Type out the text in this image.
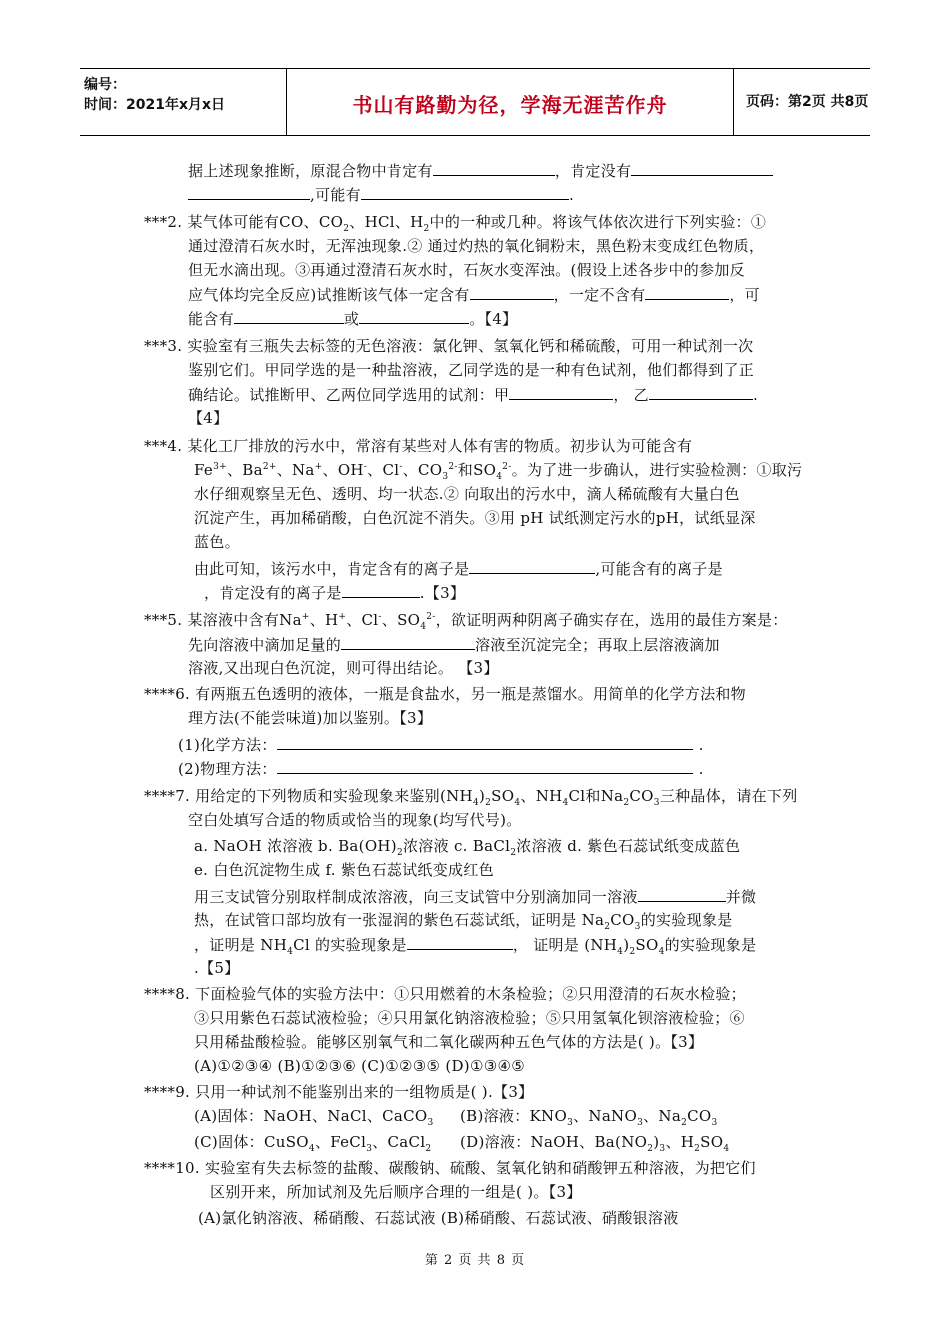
编号：
时间：2021年x月x日	书山有路勤为径，学海无涯苦作舟	页码：第2页 共8页
据上述现象推断，原混合物中肯定有	，肯定没有
,可能有	.
***2. 某气体可能有CO、$CO_2$、HCl、$H_2$中的一种或几种。将该气体依次进行下列实验：①
通过澄清石灰水时，无浑浊现象.② 通过灼热的氧化铜粉末，黑色粉末变成红色物质，
但无水滴出现。③再通过澄清石灰水时，石灰水变浑浊。(假设上述各步中的参加反
应气体均完全反应)试推断该气体一定含有	，一定不含有	，可
能含有	或	。【4】
***3. 实验室有三瓶失去标签的无色溶液：氯化钾、氢氧化钙和稀硫酸，可用一种试剂一次
鉴别它们。甲同学选的是一种盐溶液，乙同学选的是一种有色试剂，他们都得到了正
确结论。试推断甲、乙两位同学选用的试剂：甲	， 乙	.
【4】
***4. 某化工厂排放的污水中，常溶有某些对人体有害的物质。初步认为可能含有
$Fe^{3+}$、$Ba^{2+}$、Na+、OH-、Cl-、$CO_3^{2-}$和$SO_4^{2-}$。为了进一步确认，进行实验检测：①取污
水仔细观察呈无色、透明、均一状态.② 向取出的污水中，滴人稀硫酸有大量白色
沉淀产生，再加稀硝酸，白色沉淀不消失。③用 pH 试纸测定污水的pH，试纸显深
蓝色。
由此可知，该污水中，肯定含有的离子是	,可能含有的离子是
，肯定没有的离子是	.【3】
***5. 某溶液中含有Na+、H+、Cl-、$SO_4^{2-}$，欲证明两种阴离子确实存在，选用的最佳方案是：
先向溶液中滴加足量的	溶液至沉淀完全；再取上层溶液滴加
溶液,又出现白色沉淀，则可得出结论。 【3】
****6. 有两瓶五色透明的液体，一瓶是食盐水，另一瓶是蒸馏水。用简单的化学方法和物
理方法(不能尝味道)加以鉴别。【3】
(1)化学方法：	.
(2)物理方法：	.
****7. 用给定的下列物质和实验现象来鉴别$(NH_4)_2SO_4$、$NH_4Cl$和$Na_2CO_3$三种晶体，请在下列
空白处填写合适的物质或恰当的现象(均写代号)。
a. NaOH 浓溶液 b. $Ba(OH)_2$浓溶液 c. BaCl$_2$浓溶液 d. 紫色石蕊试纸变成蓝色
e. 白色沉淀物生成 f. 紫色石蕊试纸变成红色
用三支试管分别取样制成浓溶液，向三支试管中分别滴加同一溶液	并微
热，在试管口部均放有一张湿润的紫色石蕊试纸，证明是 $Na_2CO_3$的实验现象是
，证明是 $NH_4Cl$ 的实验现象是	， 证明是 $(NH_4)_2SO_4$的实验现象是
.【5】
****8. 下面检验气体的实验方法中：①只用燃着的木条检验；②只用澄清的石灰水检验；
③只用紫色石蕊试液检验；④只用氯化钠溶液检验；⑤只用氢氧化钡溶液检验；⑥
只用稀盐酸检验。能够区别氧气和二氧化碳两种五色气体的方法是( )。【3】
(A)①②③④ (B)①②③⑥ (C)①②③⑤ (D)①③④⑤
****9. 只用一种试剂不能鉴别出来的一组物质是( ).【3】
(A)固体：NaOH、NaCl、CaCO$_3$ (B)溶液：$KNO_3$、NaNO$_3$、$Na_2CO_3$
(C)固体：CuSO$_4$、FeCl$_3$、CaCl$_2$ (D)溶液：NaOH、$Ba(NO_2)_3$、$H_2SO_4$
****10. 实验室有失去标签的盐酸、碳酸钠、硫酸、氢氧化钠和硝酸钾五种溶液，为把它们
区别开来，所加试剂及先后顺序合理的一组是( )。【3】
(A)氯化钠溶液、稀硝酸、石蕊试液 (B)稀硝酸、石蕊试液、硝酸银溶液
第 2 页 共 8 页
